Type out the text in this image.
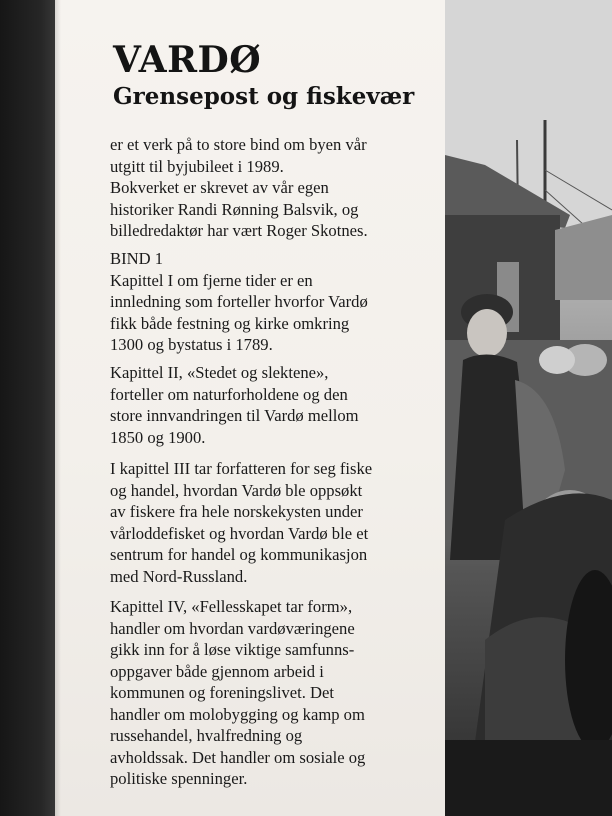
VARDØ
Grensepost og fiskevær

er et verk på to store bind om byen vår
utgitt til byjubileet i 1989.
Bokverket er skrevet av vår egen
historiker Randi Rønning Balsvik, og
billedredaktør har vært Roger Skotnes.

BIND 1
Kapittel I om fjerne tider er en
innledning som forteller hvorfor Vardø
fikk både festning og kirke omkring
1300 og bystatus i 1789.

Kapittel II, «Stedet og slektene»,
forteller om naturforholdene og den
store innvandringen til Vardø mellom
1850 og 1900.

I kapittel III tar forfatteren for seg fiske
og handel, hvordan Vardø ble oppsøkt
av fiskere fra hele norskekysten under
vårloddefisket og hvordan Vardø ble et
sentrum for handel og kommunikasjon
med Nord-Russland.

Kapittel IV, «Fellesskapet tar form»,
handler om hvordan vardøværingene
gikk inn for å løse viktige samfunns-
oppgaver både gjennom arbeid i
kommunen og foreningslivet. Det
handler om molobygging og kamp om
russehandel, hvalfredning og
avholdssak. Det handler om sosiale og
politiske spenninger.
